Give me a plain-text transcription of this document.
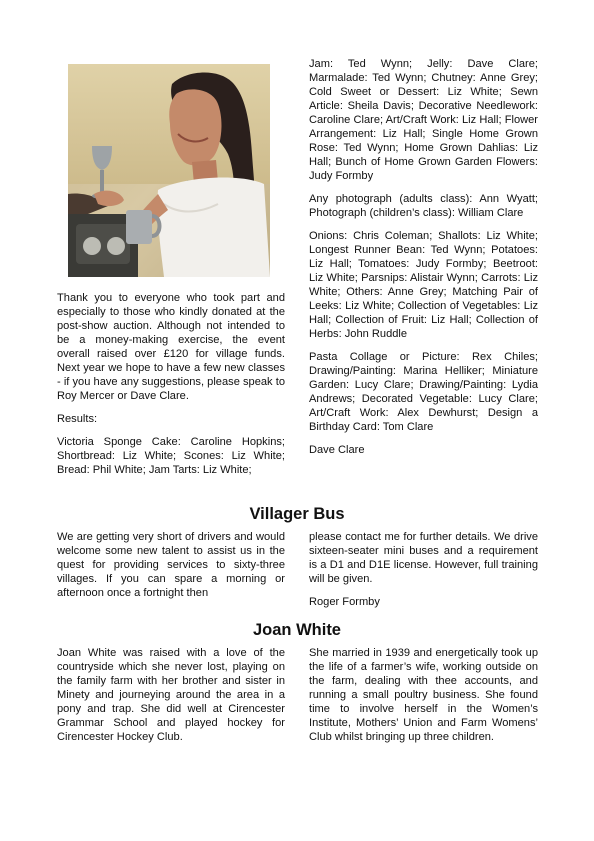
Thank you to everyone who took part and especially to those who kindly donated at the post-show auction. Although not intended to be a money-making exercise, the event overall raised over £120 for village funds. Next year we hope to have a few new classes - if you have any suggestions, please speak to Roy Mercer or Dave Clare.

Results:

Victoria Sponge Cake: Caroline Hopkins; Shortbread: Liz White; Scones: Liz White; Bread: Phil White; Jam Tarts: Liz White;

Jam: Ted Wynn; Jelly: Dave Clare; Marmalade: Ted Wynn; Chutney: Anne Grey; Cold Sweet or Dessert: Liz White; Sewn Article: Sheila Davis; Decorative Needlework: Caroline Clare; Art/Craft Work: Liz Hall; Flower Arrangement: Liz Hall; Single Home Grown Rose: Ted Wynn; Home Grown Dahlias: Liz Hall; Bunch of Home Grown Garden Flowers: Judy Formby

Any photograph (adults class): Ann Wyatt; Photograph (children’s class): William Clare

Onions: Chris Coleman; Shallots: Liz White; Longest Runner Bean: Ted Wynn; Potatoes: Liz Hall; Tomatoes: Judy Formby; Beetroot: Liz White; Parsnips: Alistair Wynn; Carrots: Liz White; Others: Anne Grey; Matching Pair of Leeks: Liz White; Collection of Vegetables: Liz Hall; Collection of Fruit: Liz Hall; Collection of Herbs: John Ruddle

Pasta Collage or Picture: Rex Chiles; Drawing/Painting: Marina Helliker; Miniature Garden: Lucy Clare; Drawing/Painting: Lydia Andrews; Decorated Vegetable: Lucy Clare; Art/Craft Work: Alex Dewhurst; Design a Birthday Card: Tom Clare

Dave Clare

Villager Bus

We are getting very short of drivers and would welcome some new talent to assist us in the quest for providing services to sixty-three villages. If you can spare a morning or afternoon once a fortnight then

please contact me for further details. We drive sixteen-seater mini buses and a requirement is a D1 and D1E license. However, full training will be given.

Roger Formby

Joan White

Joan White was raised with a love of the countryside which she never lost, playing on the family farm with her brother and sister in Minety and journeying around the area in a pony and trap. She did well at Cirencester Grammar School and played hockey for Cirencester Hockey Club.

She married in 1939 and energetically took up the life of a farmer’s wife, working outside on the farm, dealing with thee accounts, and running a small poultry business. She found time to involve herself in the Women’s Institute, Mothers’ Union and Farm Womens’ Club whilst bringing up three children.
